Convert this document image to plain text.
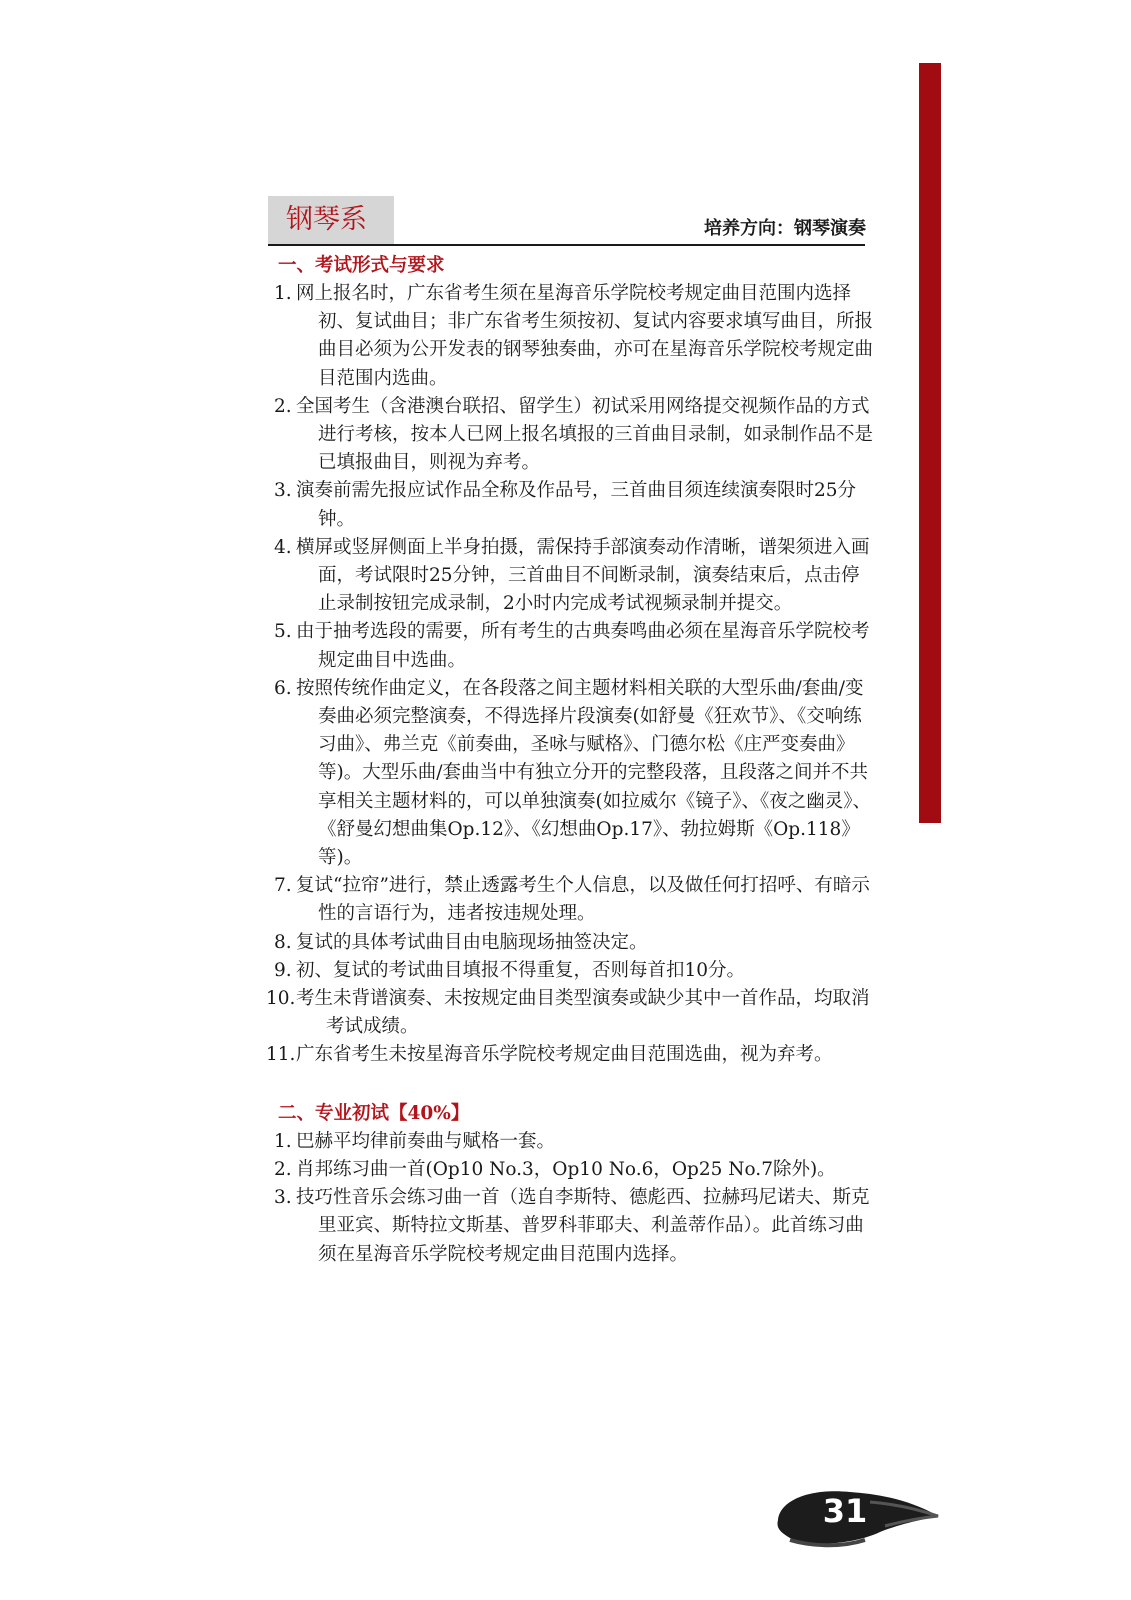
钢琴系	培养方向：钢琴演奏
一、考试形式与要求
1. 网上报名时，广东省考生须在星海音乐学院校考规定曲目范围内选择初、复试曲目；非广东省考生须按初、复试内容要求填写曲目，所报曲目必须为公开发表的钢琴独奏曲，亦可在星海音乐学院校考规定曲目范围内选曲。
2. 全国考生（含港澳台联招、留学生）初试采用网络提交视频作品的方式进行考核，按本人已网上报名填报的三首曲目录制，如录制作品不是已填报曲目，则视为弃考。
3. 演奏前需先报应试作品全称及作品号，三首曲目须连续演奏限时25分钟。
4. 横屏或竖屏侧面上半身拍摄，需保持手部演奏动作清晰，谱架须进入画面，考试限时25分钟，三首曲目不间断录制，演奏结束后，点击停止录制按钮完成录制，2小时内完成考试视频录制并提交。
5. 由于抽考选段的需要，所有考生的古典奏鸣曲必须在星海音乐学院校考规定曲目中选曲。
6. 按照传统作曲定义，在各段落之间主题材料相关联的大型乐曲/套曲/变奏曲必须完整演奏，不得选择片段演奏(如舒曼《狂欢节》、《交响练习曲》、弗兰克《前奏曲，圣咏与赋格》、门德尔松《庄严变奏曲》等)。大型乐曲/套曲当中有独立分开的完整段落，且段落之间并不共享相关主题材料的，可以单独演奏(如拉威尔《镜子》、《夜之幽灵》、《舒曼幻想曲集Op.12》、《幻想曲Op.17》、勃拉姆斯《Op.118》等)。
7. 复试“拉帘”进行，禁止透露考生个人信息，以及做任何打招呼、有暗示性的言语行为，违者按违规处理。
8. 复试的具体考试曲目由电脑现场抽签决定。
9. 初、复试的考试曲目填报不得重复，否则每首扣10分。
10.考生未背谱演奏、未按规定曲目类型演奏或缺少其中一首作品，均取消考试成绩。
11.广东省考生未按星海音乐学院校考规定曲目范围选曲，视为弃考。
二、专业初试【40%】
1. 巴赫平均律前奏曲与赋格一套。
2. 肖邦练习曲一首(Op10 No.3，Op10 No.6，Op25 No.7除外)。
3. 技巧性音乐会练习曲一首（选自李斯特、德彪西、拉赫玛尼诺夫、斯克里亚宾、斯特拉文斯基、普罗科菲耶夫、利盖蒂作品）。此首练习曲须在星海音乐学院校考规定曲目范围内选择。
31
